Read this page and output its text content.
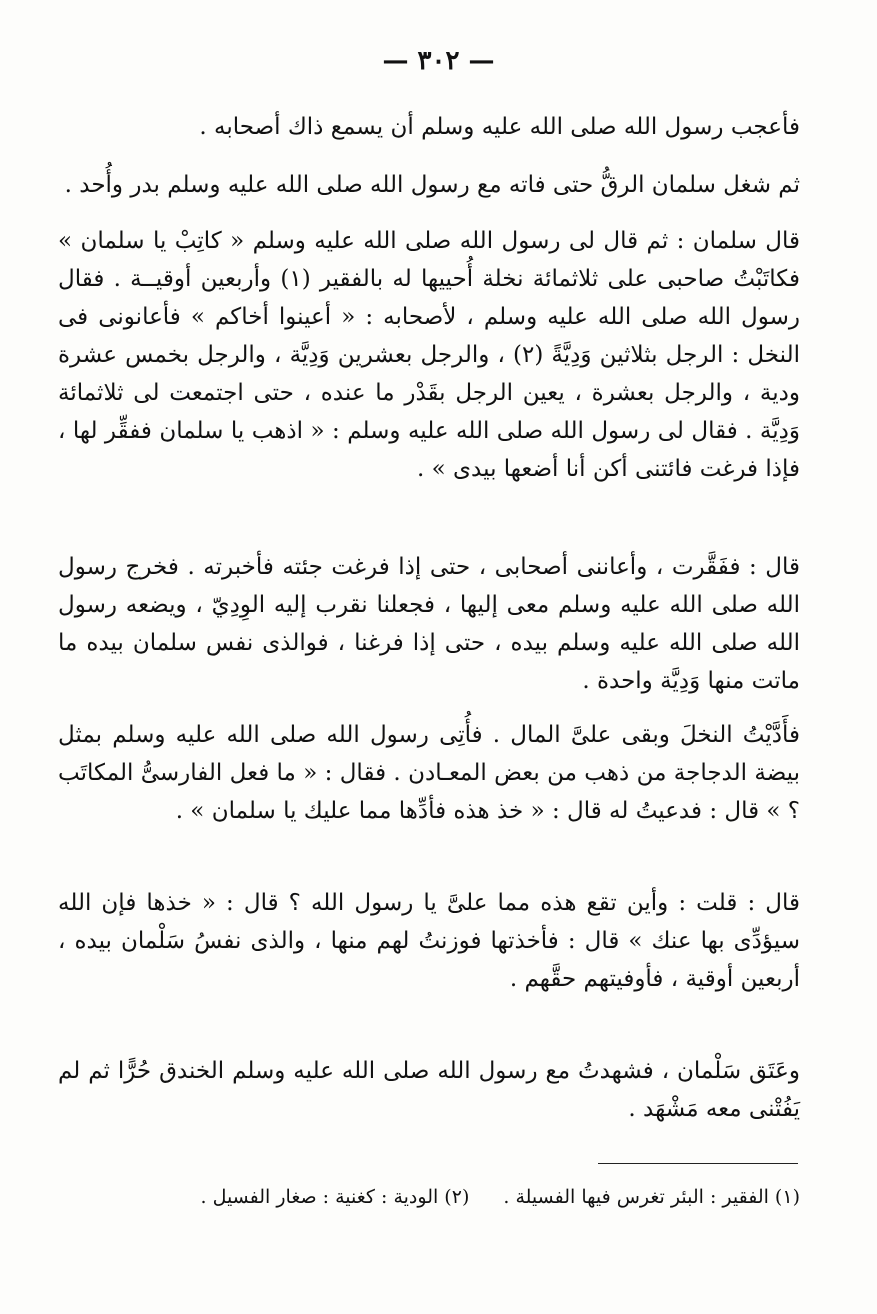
— ٣٠٢ —
فأعجب رسول الله صلى الله عليه وسلم أن يسمع ذاك أصحابه .
ثم شغل سلمان الرقُّ حتى فاته مع رسول الله صلى الله عليه وسلم بدر وأُحد .
قال سلمان : ثم قال لى رسول الله صلى الله عليه وسلم « كاتِبْ يا سلمان » فكاتَبْتُ صاحبى على ثلاثمائة نخلة أُحييها له بالفقير (١) وأربعين أوقيــة . فقال رسول الله صلى الله عليه وسلم ، لأصحابه : « أعينوا أخاكم » فأعانونى فى النخل : الرجل بثلاثين وَدِيَّةً (٢) ، والرجل بعشرين وَدِيَّة ، والرجل بخمس عشرة ودية ، والرجل بعشرة ، يعين الرجل بقَدْر ما عنده ، حتى اجتمعت لى ثلاثمائة وَدِيَّة . فقال لى رسول الله صلى الله عليه وسلم : « اذهب يا سلمان ففقِّر لها ، فإذا فرغت فائتنى أكن أنا أضعها بيدى » .
قال : ففَقَّرت ، وأعاننى أصحابى ، حتى إذا فرغت جئته فأخبرته . فخرج رسول الله صلى الله عليه وسلم معى إليها ، فجعلنا نقرب إليه الوِدِيّ ، ويضعه رسول الله صلى الله عليه وسلم بيده ، حتى إذا فرغنا ، فوالذى نفس سلمان بيده ما ماتت منها وَدِيَّة واحدة .
فأَدَّيْتُ النخلَ وبقى علىَّ المال . فأُتِى رسول الله صلى الله عليه وسلم بمثل بيضة الدجاجة من ذهب من بعض المعـادن . فقال : « ما فعل الفارسىُّ المكاتَب ؟ » قال : فدعيتُ له قال : « خذ هذه فأدِّها مما عليك يا سلمان » .
قال : قلت : وأين تقع هذه مما علىَّ يا رسول الله ؟ قال : « خذها فإن الله سيؤدِّى بها عنك » قال : فأخذتها فوزنتُ لهم منها ، والذى نفسُ سَلْمان بيده ، أربعين أوقية ، فأوفيتهم حقَّهم .
وعَتَق سَلْمان ، فشهدتُ مع رسول الله صلى الله عليه وسلم الخندق حُرًّا ثم لم يَفُتْنى معه مَشْهَد .
(١) الفقير : البئر تغرس فيها الفسيلة .
(٢) الودية : كغنية : صغار الفسيل .
